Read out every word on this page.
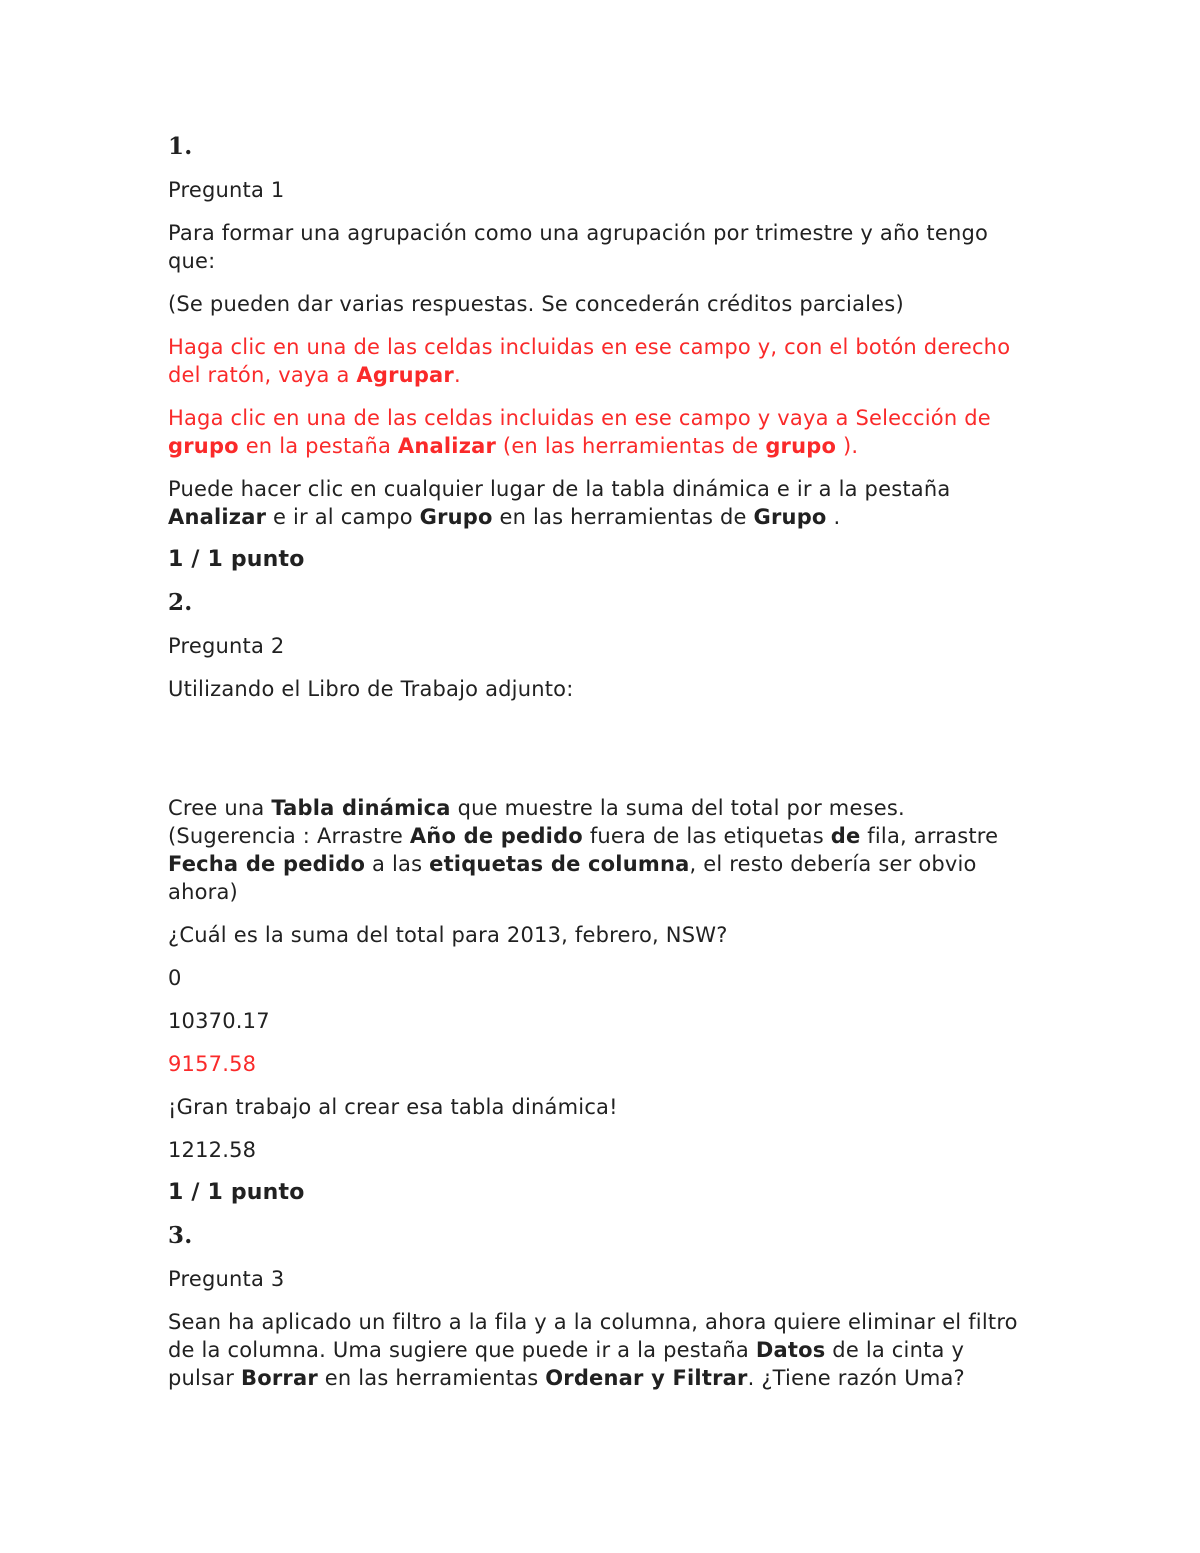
1.

Pregunta 1

Para formar una agrupación como una agrupación por trimestre y año tengo que:

(Se pueden dar varias respuestas. Se concederán créditos parciales)

Haga clic en una de las celdas incluidas en ese campo y, con el botón derecho del ratón, vaya a Agrupar.

Haga clic en una de las celdas incluidas en ese campo y vaya a Selección de grupo en la pestaña Analizar (en las herramientas de grupo ).

Puede hacer clic en cualquier lugar de la tabla dinámica e ir a la pestaña Analizar e ir al campo Grupo en las herramientas de Grupo .

1 / 1 punto

2.

Pregunta 2

Utilizando el Libro de Trabajo adjunto:

Cree una Tabla dinámica que muestre la suma del total por meses. (Sugerencia : Arrastre Año de pedido fuera de las etiquetas de fila, arrastre Fecha de pedido a las etiquetas de columna, el resto debería ser obvio ahora)

¿Cuál es la suma del total para 2013, febrero, NSW?

0

10370.17

9157.58

¡Gran trabajo al crear esa tabla dinámica!

1212.58

1 / 1 punto

3.

Pregunta 3

Sean ha aplicado un filtro a la fila y a la columna, ahora quiere eliminar el filtro de la columna. Uma sugiere que puede ir a la pestaña Datos de la cinta y pulsar Borrar en las herramientas Ordenar y Filtrar. ¿Tiene razón Uma?
